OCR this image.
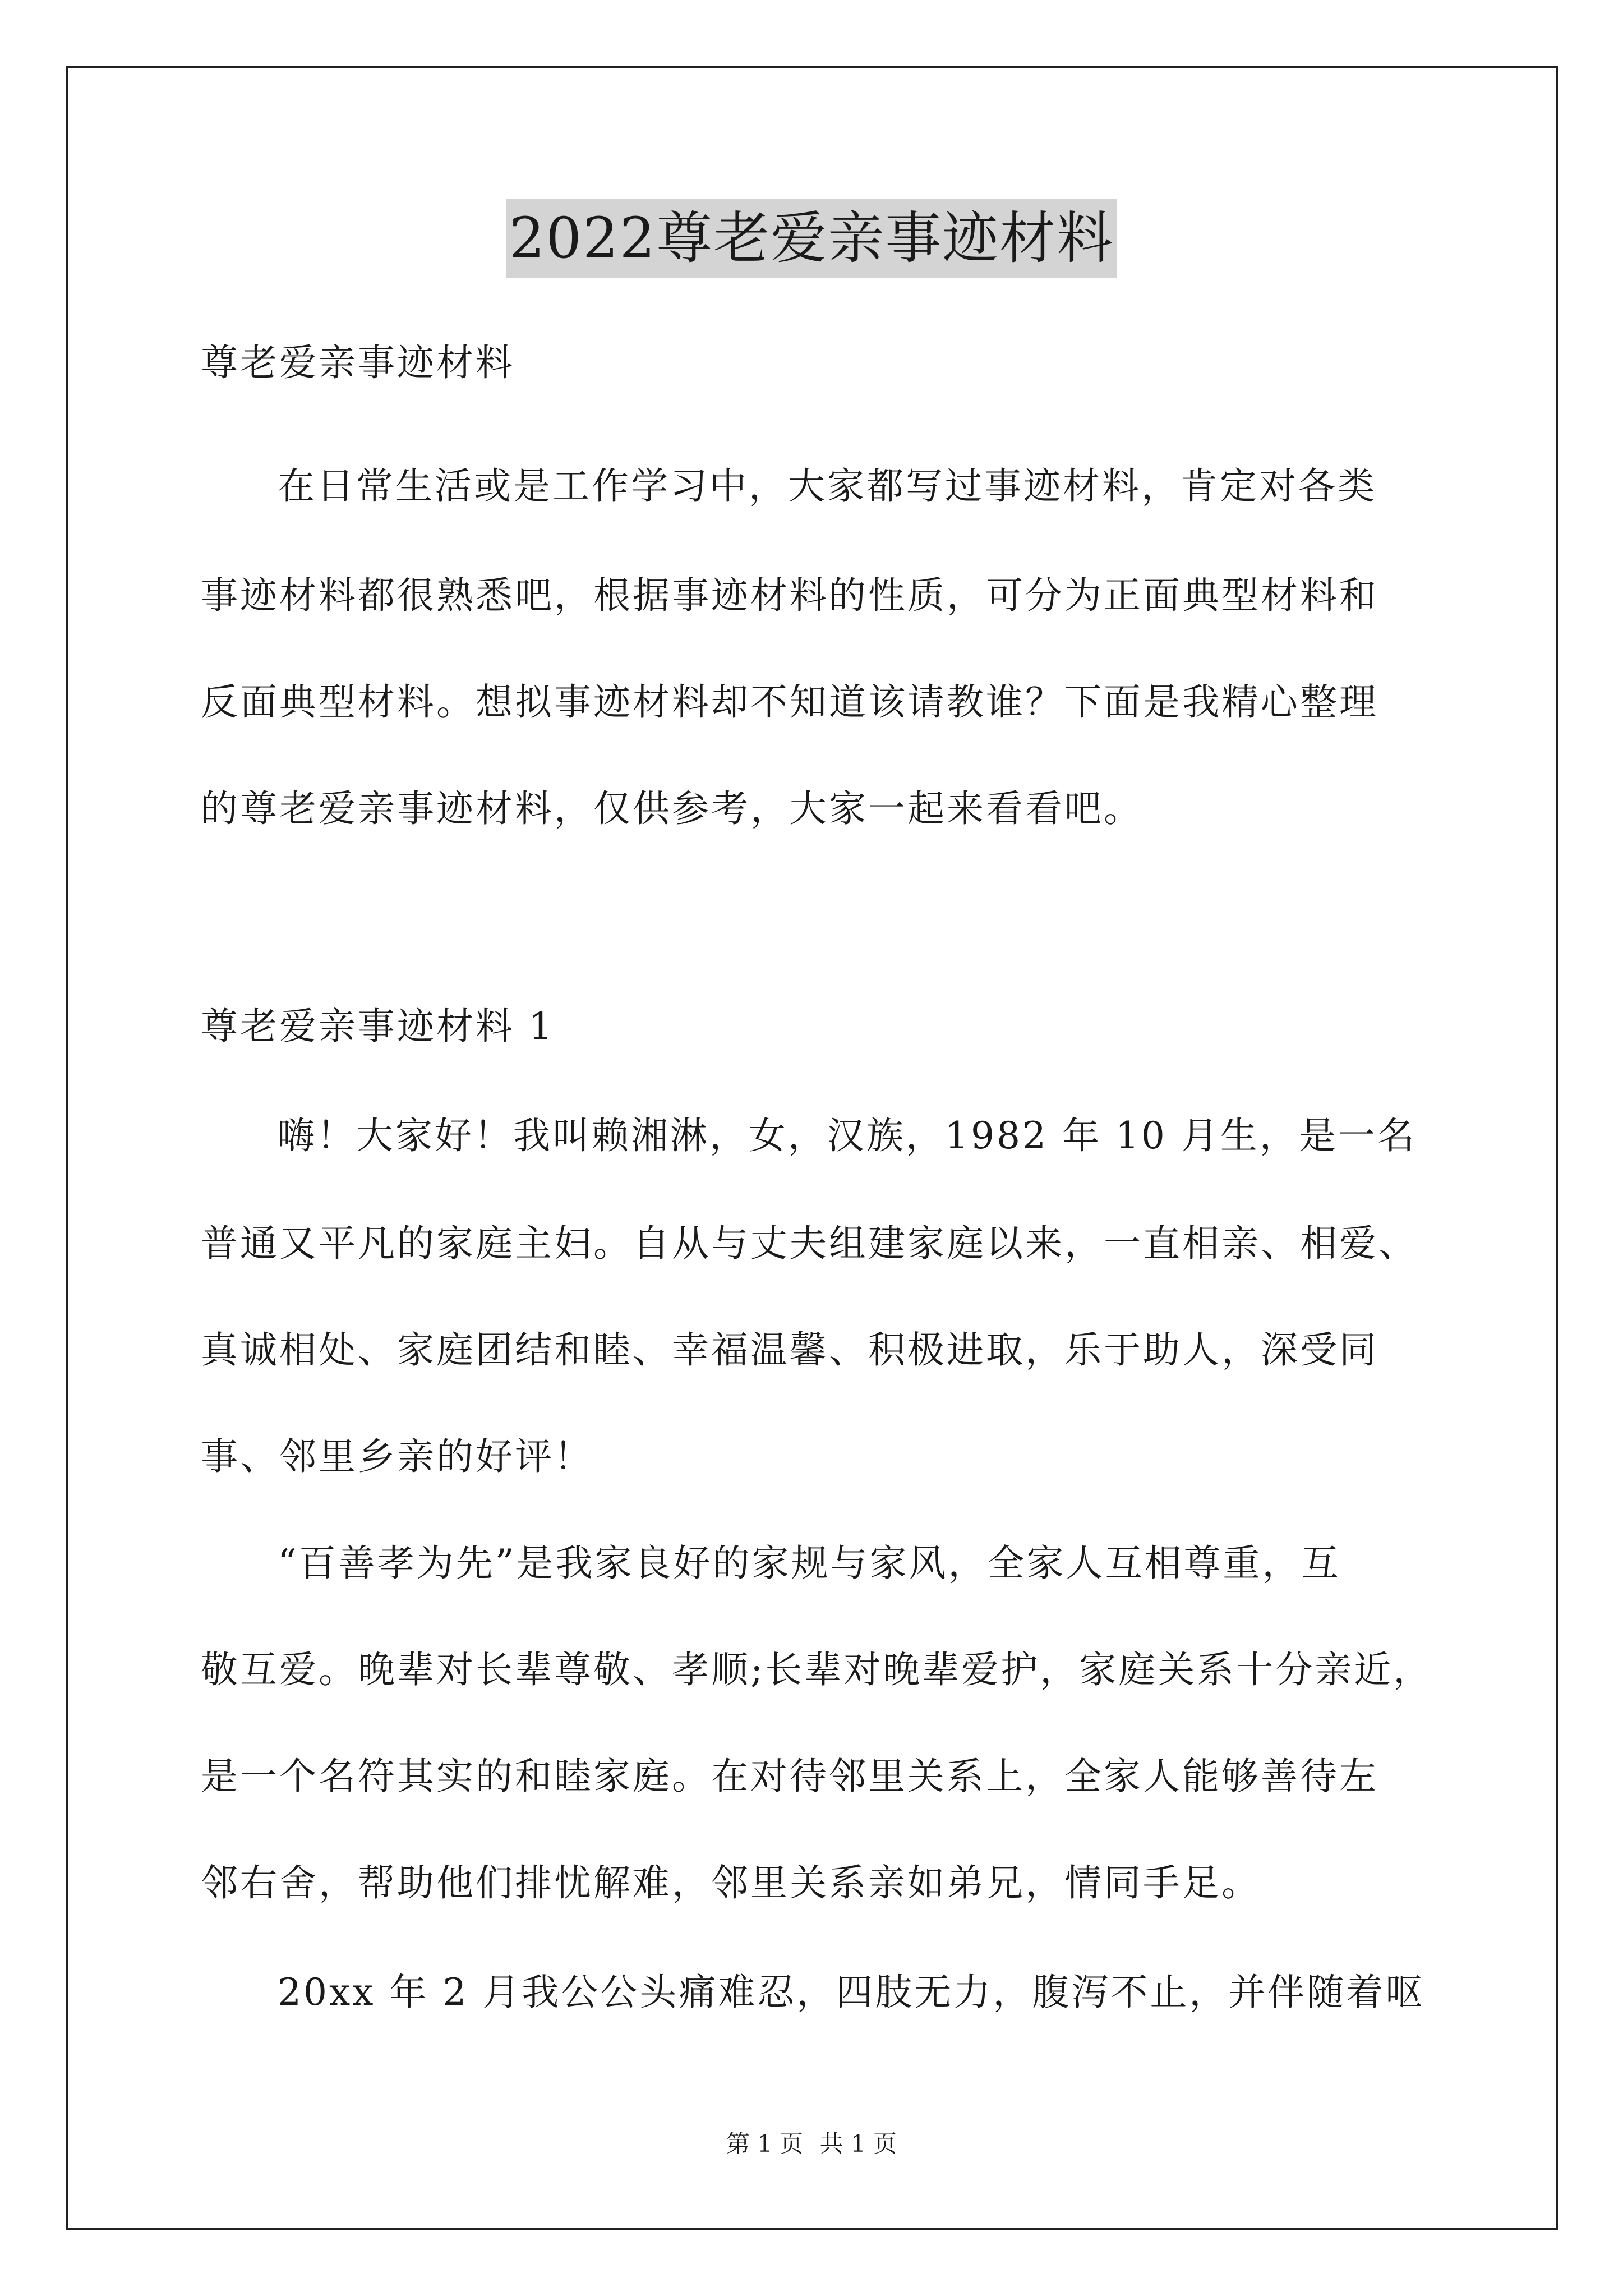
2022尊老爱亲事迹材料
尊老爱亲事迹材料
在日常生活或是工作学习中，大家都写过事迹材料，肯定对各类
事迹材料都很熟悉吧，根据事迹材料的性质，可分为正面典型材料和
反面典型材料。想拟事迹材料却不知道该请教谁？下面是我精心整理
的尊老爱亲事迹材料，仅供参考，大家一起来看看吧。
尊老爱亲事迹材料 1
嗨！大家好！我叫赖湘淋，女，汉族，1982 年 10 月生，是一名
普通又平凡的家庭主妇。自从与丈夫组建家庭以来，一直相亲、相爱、
真诚相处、家庭团结和睦、幸福温馨、积极进取，乐于助人，深受同
事、邻里乡亲的好评！
“百善孝为先”是我家良好的家规与家风，全家人互相尊重，互
敬互爱。晚辈对长辈尊敬、孝顺;长辈对晚辈爱护，家庭关系十分亲近，
是一个名符其实的和睦家庭。在对待邻里关系上，全家人能够善待左
邻右舍，帮助他们排忧解难，邻里关系亲如弟兄，情同手足。
20xx 年 2 月我公公头痛难忍，四肢无力，腹泻不止，并伴随着呕
第 1 页 共 1 页
